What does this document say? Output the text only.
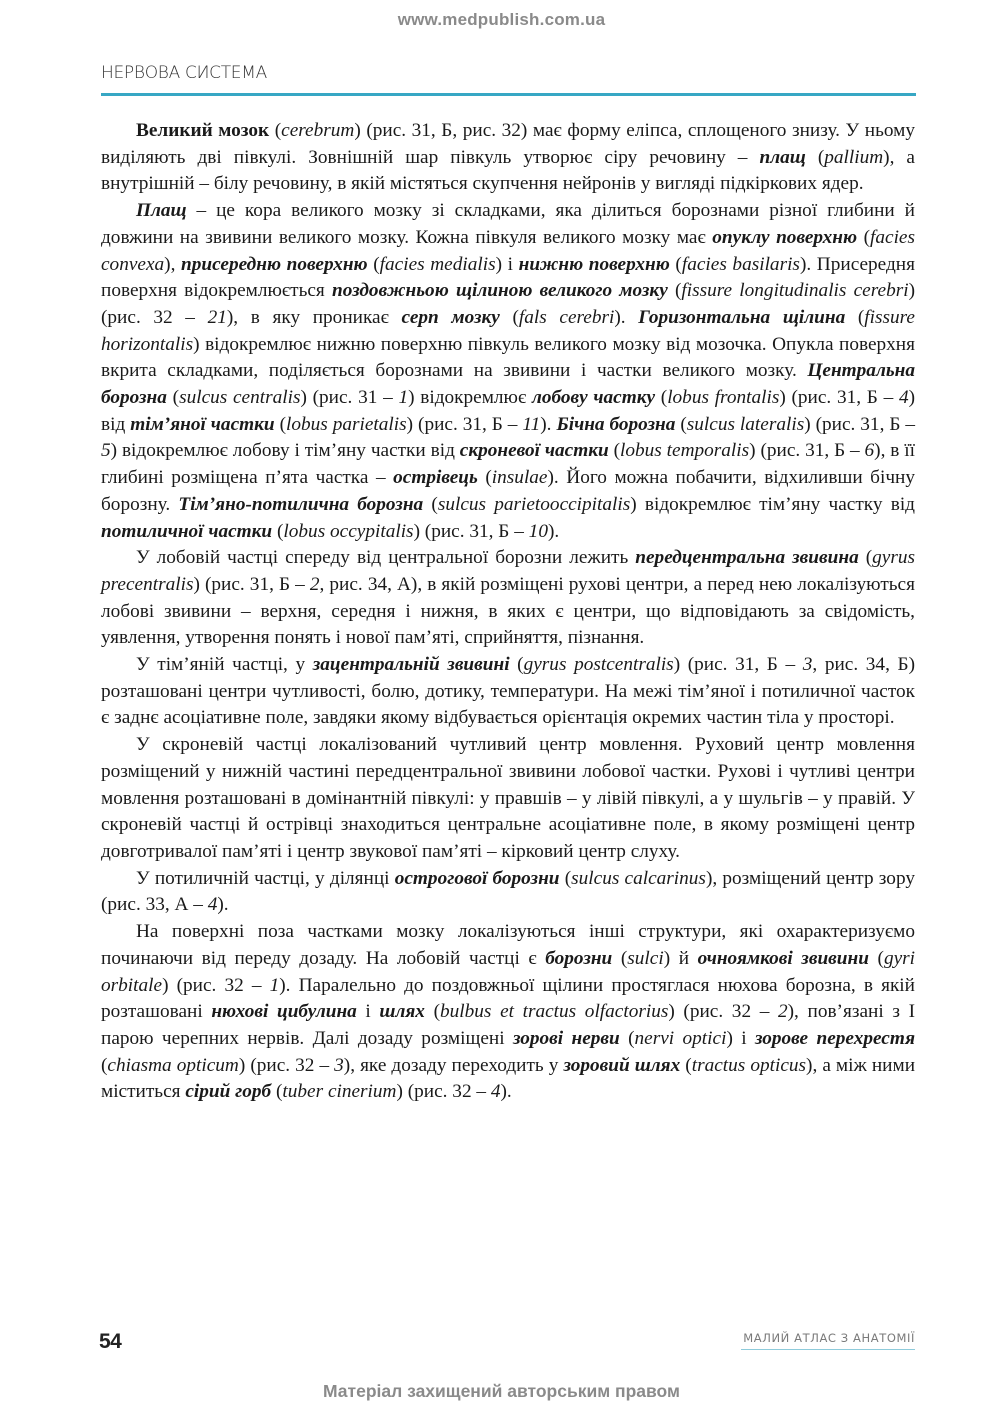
www.medpublish.com.ua
НЕРВОВА СИСТЕМА

Великий мозок (cerebrum) (рис. 31, Б, рис. 32) має форму еліпса, сплощеного знизу. У ньому виділяють дві півкулі. Зовнішній шар півкуль утворює сіру речовину – плащ (pallium), а внутрішній – білу речовину, в якій містяться скупчення нейронів у вигляді підкіркових ядер.

Плащ – це кора великого мозку зі складками, яка ділиться борознами різної глибини й довжини на звивини великого мозку. Кожна півкуля великого мозку має опуклу поверхню (facies convexa), присередню поверхню (facies medialis) і нижню поверхню (facies basilaris). Присередня поверхня відокремлюється поздовжньою щілиною великого мозку (fissure longitudinalis cerebri) (рис. 32 – 21), в яку проникає серп мозку (fals cerebri). Горизонтальна щілина (fissure horizontalis) відокремлює нижню поверхню півкуль великого мозку від мозочка. Опукла поверхня вкрита складками, поділяється борознами на звивини і частки великого мозку. Центральна борозна (sulcus centralis) (рис. 31 – 1) відокремлює лобову частку (lobus frontalis) (рис. 31, Б – 4) від тім’яної частки (lobus parietalis) (рис. 31, Б – 11). Бічна борозна (sulcus lateralis) (рис. 31, Б – 5) відокремлює лобову і тім’яну частки від скроневої частки (lobus temporalis) (рис. 31, Б – 6), в її глибині розміщена п’ята частка – острівець (insulae). Його можна побачити, відхиливши бічну борозну. Тім’яно-потилична борозна (sulcus parietooccipitalis) відокремлює тім’яну частку від потиличної частки (lobus occypitalis) (рис. 31, Б – 10).

У лобовій частці спереду від центральної борозни лежить передцентральна звивина (gyrus precentralis) (рис. 31, Б – 2, рис. 34, А), в якій розміщені рухові центри, а перед нею локалізуються лобові звивини – верхня, середня і нижня, в яких є центри, що відповідають за свідомість, уявлення, утворення понять і нової пам’яті, сприйняття, пізнання.

У тім’яній частці, у зацентральній звивині (gyrus postcentralis) (рис. 31, Б – 3, рис. 34, Б) розташовані центри чутливості, болю, дотику, температури. На межі тім’яної і потиличної часток є заднє асоціативне поле, завдяки якому відбувається орієнтація окремих частин тіла у просторі.

У скроневій частці локалізований чутливий центр мовлення. Руховий центр мовлення розміщений у нижній частині передцентральної звивини лобової частки. Рухові і чутливі центри мовлення розташовані в домінантній півкулі: у правшів – у лівій півкулі, а у шульгів – у правій. У скроневій частці й острівці знаходиться центральне асоціативне поле, в якому розміщені центр довготривалої пам’яті і центр звукової пам’яті – кірковий центр слуху.

У потиличній частці, у ділянці острогової борозни (sulcus calcarinus), розміщений центр зору (рис. 33, А – 4).

На поверхні поза частками мозку локалізуються інші структури, які охарактеризуємо починаючи від переду дозаду. На лобовій частці є борозни (sulci) й очноямкові звивини (gyri orbitale) (рис. 32 – 1). Паралельно до поздовжньої щілини простяглася нюхова борозна, в якій розташовані нюхові цибулина і шлях (bulbus et tractus olfactorius) (рис. 32 – 2), пов’язані з І парою черепних нервів. Далі дозаду розміщені зорові нерви (nervi optici) і зорове перехрестя (chiasma opticum) (рис. 32 – 3), яке дозаду переходить у зоровий шлях (tractus opticus), а між ними міститься сірий горб (tuber cinerium) (рис. 32 – 4).

54	МАЛИЙ АТЛАС З АНАТОМІЇ
Матеріал захищений авторським правом
